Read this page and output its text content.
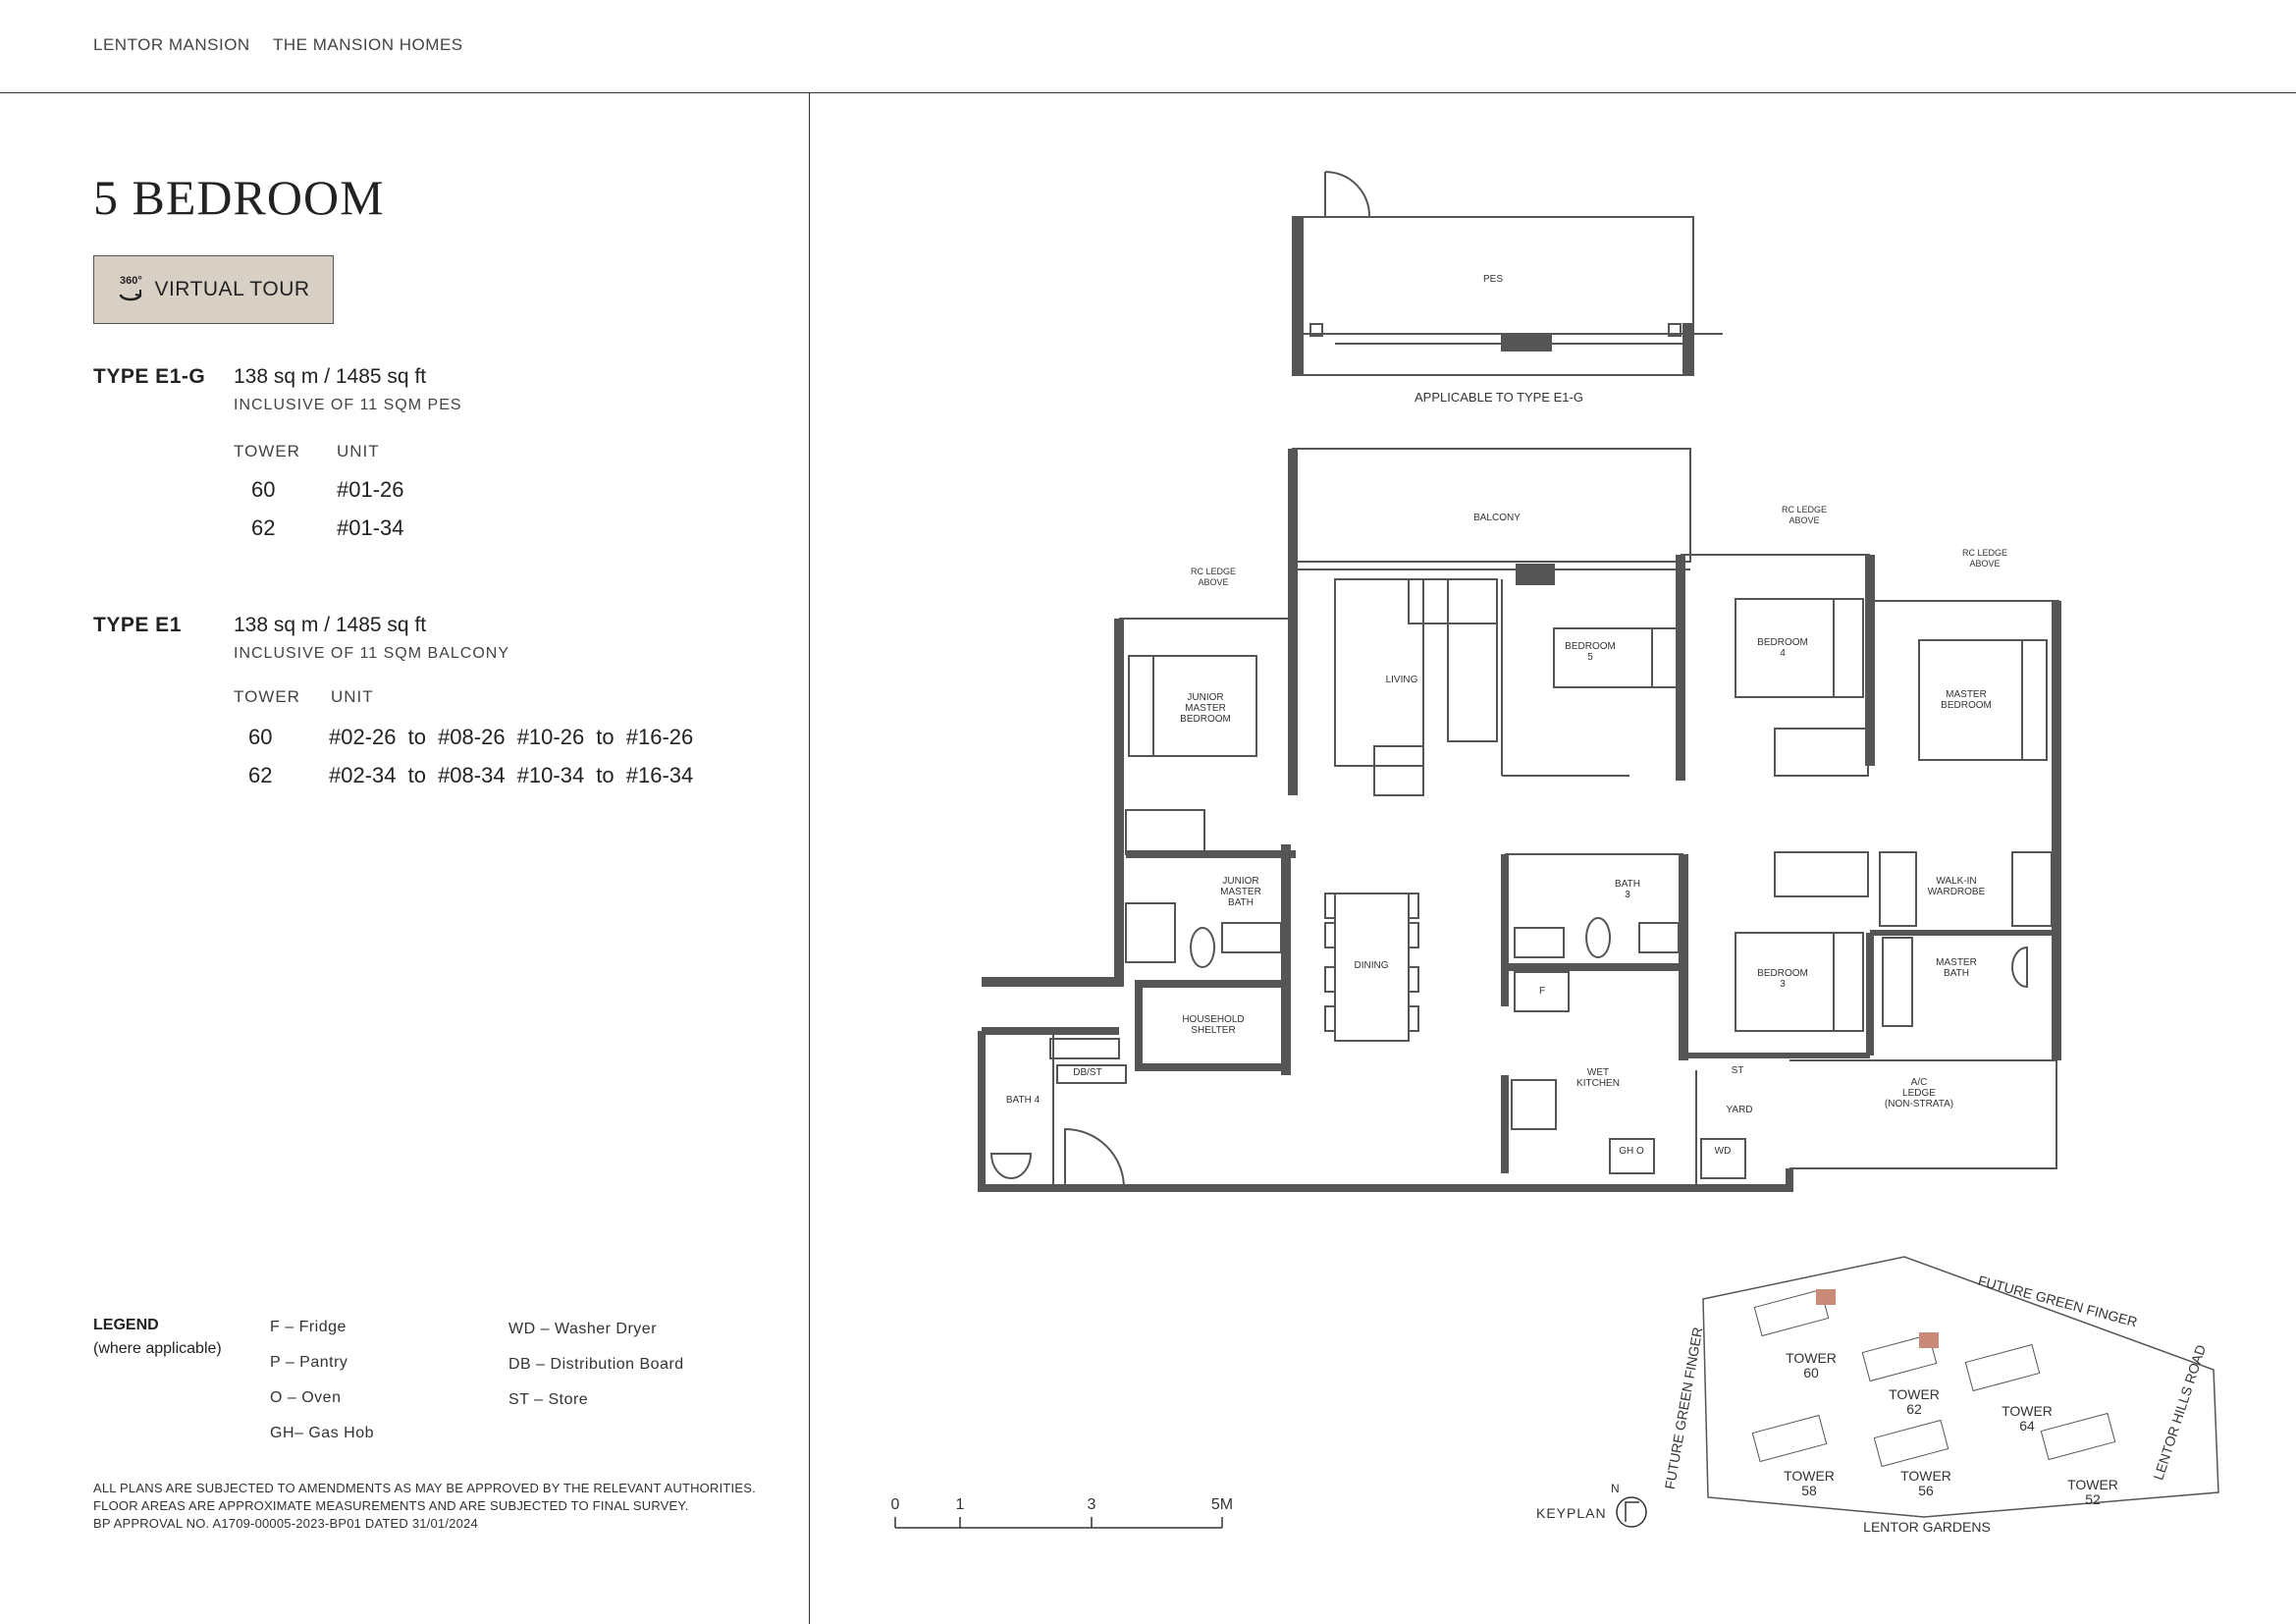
LENTOR MANSION THE MANSION HOMES
5 BEDROOM
360° VIRTUAL TOUR
TYPE E1-G 138 sq m / 1485 sq ft
INCLUSIVE OF 11 SQM PES
TOWER UNIT
60	#01-26
62	#01-34
TYPE E1	138 sq m / 1485 sq ft
INCLUSIVE OF 11 SQM BALCONY
TOWER UNIT
60	#02-26 to #08-26 #10-26 to #16-26
62	#02-34 to #08-34 #10-34 to #16-34
LEGEND
(where applicable)
F – Fridge
P – Pantry
O – Oven
GH– Gas Hob
WD – Washer Dryer
DB – Distribution Board
ST – Store
ALL PLANS ARE SUBJECTED TO AMENDMENTS AS MAY BE APPROVED BY THE RELEVANT AUTHORITIES.
FLOOR AREAS ARE APPROXIMATE MEASUREMENTS AND ARE SUBJECTED TO FINAL SURVEY.
BP APPROVAL NO. A1709-00005-2023-BP01 DATED 31/01/2024
PES
APPLICABLE TO TYPE E1-G
BALCONY
RC LEDGE
ABOVE
RC LEDGE
ABOVE
RC LEDGE
ABOVE
LIVING
BEDROOM
5
BEDROOM
4
MASTER
BEDROOM
JUNIOR
MASTER
BEDROOM
JUNIOR
MASTER
BATH
DINING
HOUSEHOLD
SHELTER
BATH
3
BEDROOM
3
WALK-IN
WARDROBE
MASTER
BATH
DB/ST
BATH 4
WET
KITCHEN
YARD
ST
WD
GH O
F
A/C
LEDGE
(NON-STRATA)
0	1	3	5M
TOWER
60
TOWER
62	TOWER
64
TOWER
58
TOWER
56	TOWER
52
FUTURE GREEN FINGER
FUTURE GREEN FINGER	LENTOR HILLS ROAD
LENTOR GARDENS
KEYPLAN
N
